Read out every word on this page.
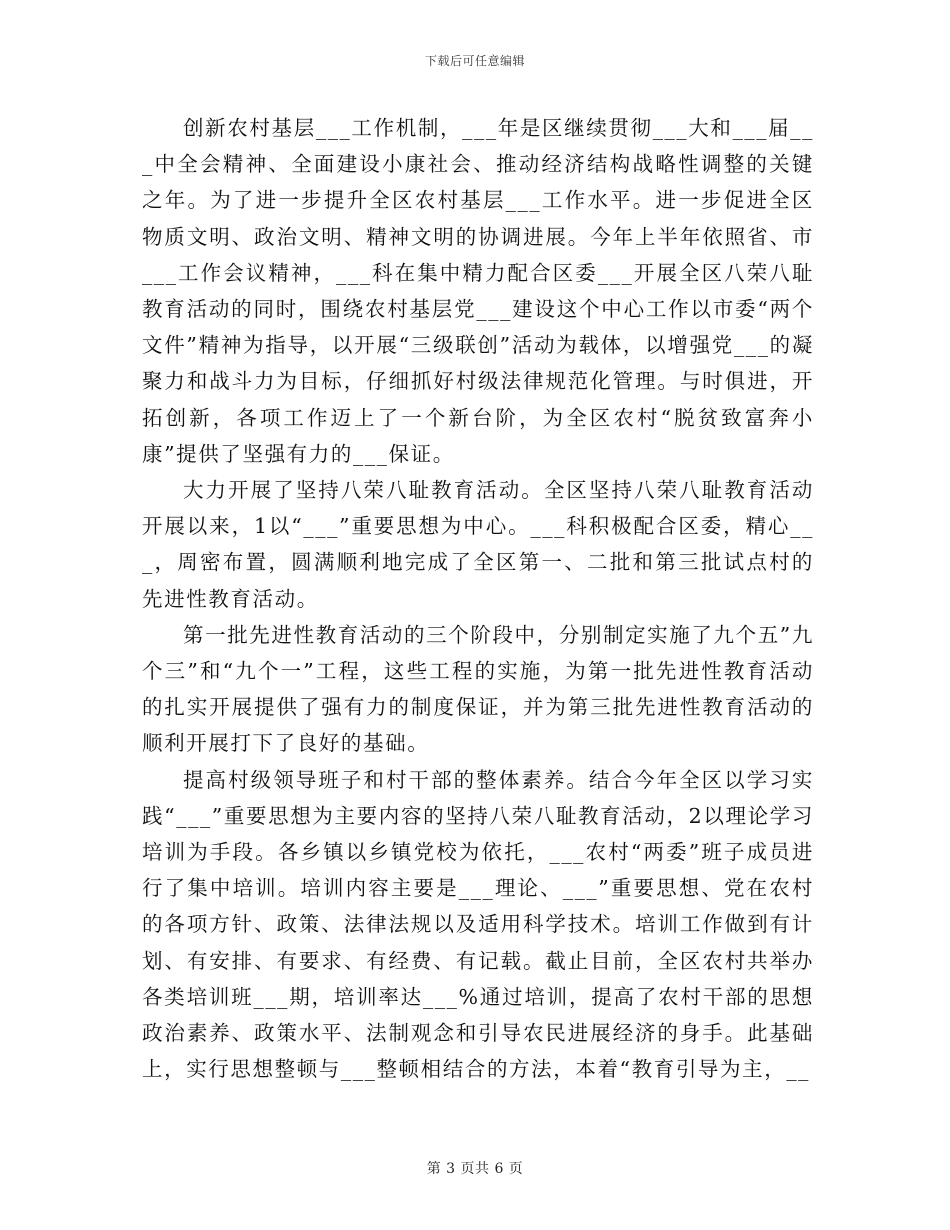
下载后可任意编辑

创新农村基层___工作机制，___年是区继续贯彻___大和___届___中全会精神、全面建设小康社会、推动经济结构战略性调整的关键之年。为了进一步提升全区农村基层___工作水平。进一步促进全区物质文明、政治文明、精神文明的协调进展。今年上半年依照省、市___工作会议精神，___科在集中精力配合区委___开展全区八荣八耻教育活动的同时，围绕农村基层党___建设这个中心工作以市委“两个文件”精神为指导，以开展“三级联创”活动为载体，以增强党___的凝聚力和战斗力为目标，仔细抓好村级法律规范化管理。与时俱进，开拓创新，各项工作迈上了一个新台阶，为全区农村“脱贫致富奔小康”提供了坚强有力的___保证。

大力开展了坚持八荣八耻教育活动。全区坚持八荣八耻教育活动开展以来，1以“___”重要思想为中心。___科积极配合区委，精心___，周密布置，圆满顺利地完成了全区第一、二批和第三批试点村的先进性教育活动。

第一批先进性教育活动的三个阶段中，分别制定实施了九个五”九个三”和“九个一”工程，这些工程的实施，为第一批先进性教育活动的扎实开展提供了强有力的制度保证，并为第三批先进性教育活动的顺利开展打下了良好的基础。

提高村级领导班子和村干部的整体素养。结合今年全区以学习实践“___”重要思想为主要内容的坚持八荣八耻教育活动，2以理论学习培训为手段。各乡镇以乡镇党校为依托，___农村“两委”班子成员进行了集中培训。培训内容主要是___理论、___”重要思想、党在农村的各项方针、政策、法律法规以及适用科学技术。培训工作做到有计划、有安排、有要求、有经费、有记载。截止目前，全区农村共举办各类培训班___期，培训率达___%通过培训，提高了农村干部的思想政治素养、政策水平、法制观念和引导农民进展经济的身手。此基础上，实行思想整顿与___整顿相结合的方法，本着“教育引导为主，__

第 3 页共 6 页
